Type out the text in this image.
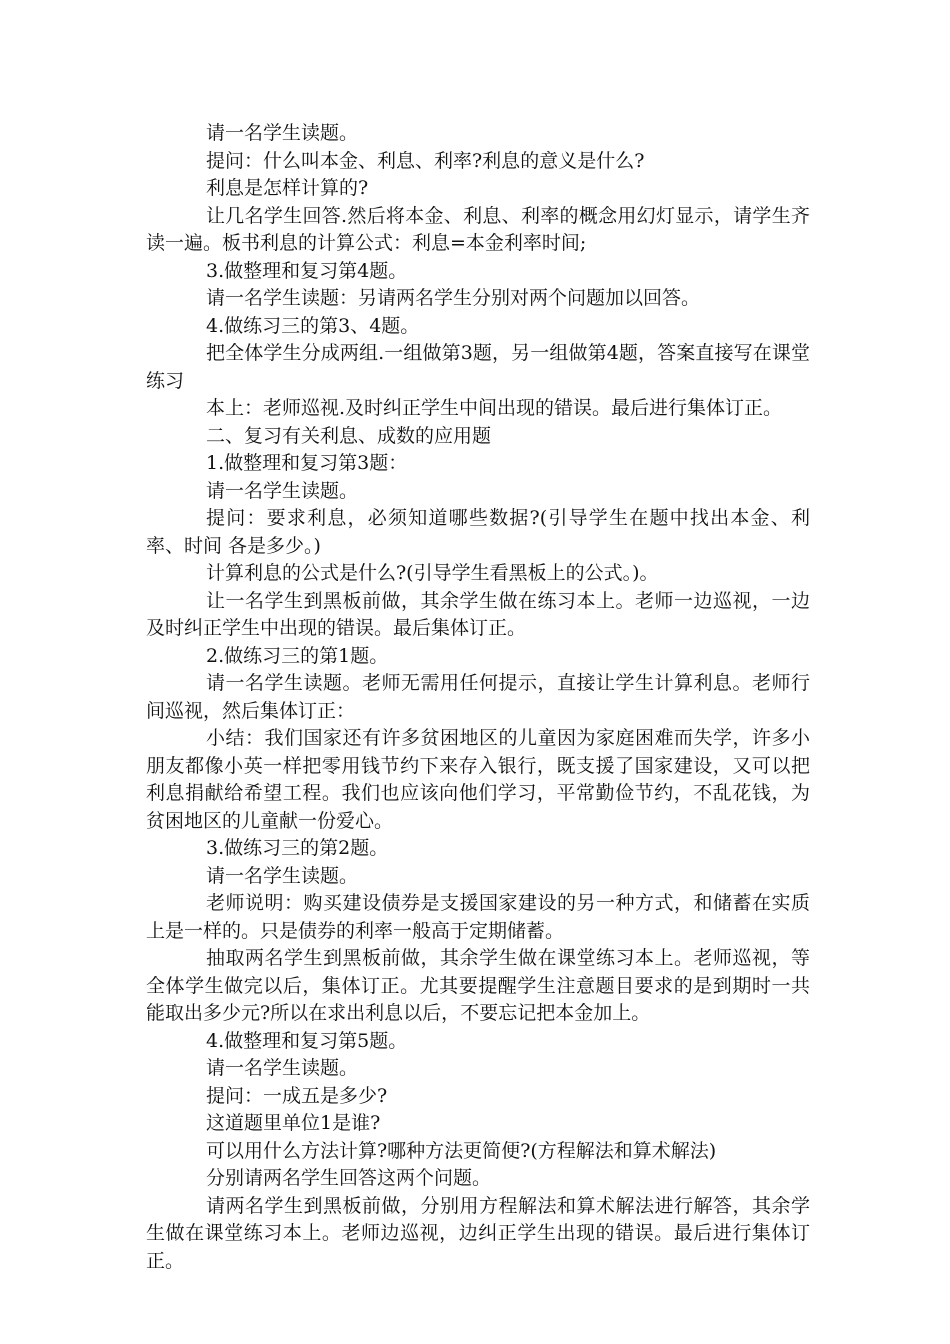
请一名学生读题。

提问：什么叫本金、利息、利率?利息的意义是什么?

利息是怎样计算的?

让几名学生回答.然后将本金、利息、利率的概念用幻灯显示，请学生齐读一遍。板书利息的计算公式：利息=本金利率时间;

3.做整理和复习第4题。

请一名学生读题：另请两名学生分别对两个问题加以回答。

4.做练习三的第3、4题。

把全体学生分成两组.一组做第3题，另一组做第4题，答案直接写在课堂练习

本上：老师巡视.及时纠正学生中间出现的错误。最后进行集体订正。

二、复习有关利息、成数的应用题

1.做整理和复习第3题：

请一名学生读题。

提问：要求利息，必须知道哪些数据?(引导学生在题中找出本金、利率、时间 各是多少。)

计算利息的公式是什么?(引导学生看黑板上的公式。)。

让一名学生到黑板前做，其余学生做在练习本上。老师一边巡视，一边及时纠正学生中出现的错误。最后集体订正。

2.做练习三的第1题。

请一名学生读题。老师无需用任何提示，直接让学生计算利息。老师行间巡视，然后集体订正：

小结：我们国家还有许多贫困地区的儿童因为家庭困难而失学，许多小朋友都像小英一样把零用钱节约下来存入银行，既支援了国家建设，又可以把利息捐献给希望工程。我们也应该向他们学习，平常勤俭节约，不乱花钱，为贫困地区的儿童献一份爱心。

3.做练习三的第2题。

请一名学生读题。

老师说明：购买建设债券是支援国家建设的另一种方式，和储蓄在实质上是一样的。只是债券的利率一般高于定期储蓄。

抽取两名学生到黑板前做，其余学生做在课堂练习本上。老师巡视，等全体学生做完以后，集体订正。尤其要提醒学生注意题目要求的是到期时一共能取出多少元?所以在求出利息以后，不要忘记把本金加上。

4.做整理和复习第5题。

请一名学生读题。

提问：一成五是多少?

这道题里单位1是谁?

可以用什么方法计算?哪种方法更简便?(方程解法和算术解法)

分别请两名学生回答这两个问题。

请两名学生到黑板前做，分别用方程解法和算术解法进行解答，其余学生做在课堂练习本上。老师边巡视，边纠正学生出现的错误。最后进行集体订正。
